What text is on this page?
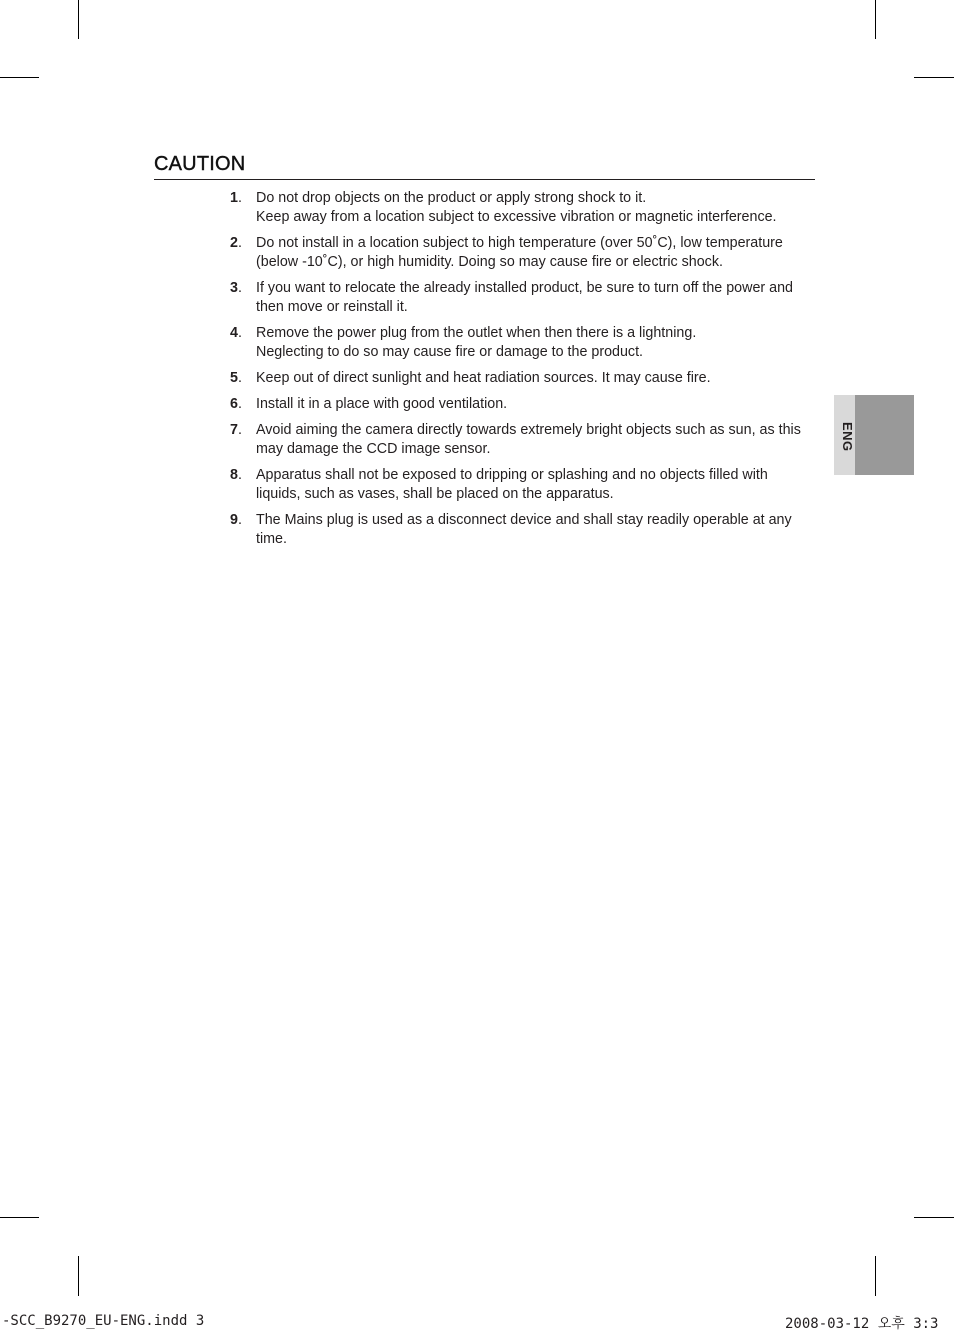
CAUTION
1. Do not drop objects on the product or apply strong shock to it.
Keep away from a location subject to excessive vibration or magnetic interference.
2. Do not install in a location subject to high temperature (over 50˚C), low temperature (below -10˚C), or high humidity. Doing so may cause fire or electric shock.
3. If you want to relocate the already installed product, be sure to turn off the power and then move or reinstall it.
4. Remove the power plug from the outlet when then there is a lightning.
Neglecting to do so may cause fire or damage to the product.
5. Keep out of direct sunlight and heat radiation sources. It may cause fire.
6. Install it in a place with good ventilation.
7. Avoid aiming the camera directly towards extremely bright objects such as sun, as this may damage the CCD image sensor.
8. Apparatus shall not be exposed to dripping or splashing and no objects filled with liquids, such as vases, shall be placed on the apparatus.
9. The Mains plug is used as a disconnect device and shall stay readily operable at any time.
ENG
-SCC_B9270_EU-ENG.indd 3	2008-03-12 오후 3:3
